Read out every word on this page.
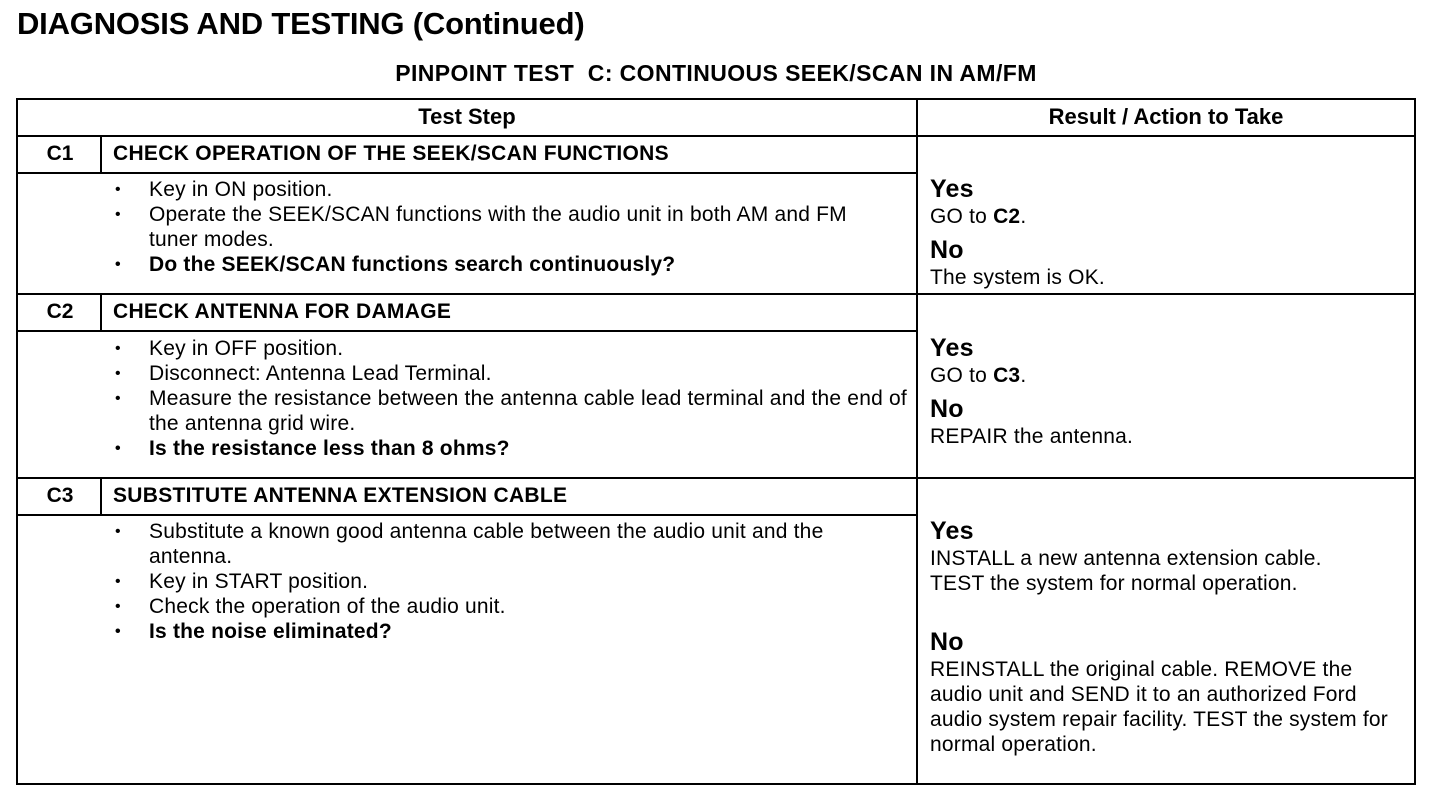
DIAGNOSIS AND TESTING (Continued)
PINPOINT TEST  C: CONTINUOUS SEEK/SCAN IN AM/FM
Test Step	Result / Action to Take
C1	CHECK OPERATION OF THE SEEK/SCAN FUNCTIONS
• Key in ON position.
• Operate the SEEK/SCAN functions with the audio unit in both AM and FM tuner modes.
• Do the SEEK/SCAN functions search continuously?
Yes
GO to C2.
No
The system is OK.
C2	CHECK ANTENNA FOR DAMAGE
• Key in OFF position.
• Disconnect: Antenna Lead Terminal.
• Measure the resistance between the antenna cable lead terminal and the end of the antenna grid wire.
• Is the resistance less than 8 ohms?
Yes
GO to C3.
No
REPAIR the antenna.
C3	SUBSTITUTE ANTENNA EXTENSION CABLE
• Substitute a known good antenna cable between the audio unit and the antenna.
• Key in START position.
• Check the operation of the audio unit.
• Is the noise eliminated?
Yes
INSTALL a new antenna extension cable.
TEST the system for normal operation.
No
REINSTALL the original cable. REMOVE the audio unit and SEND it to an authorized Ford audio system repair facility. TEST the system for normal operation.
